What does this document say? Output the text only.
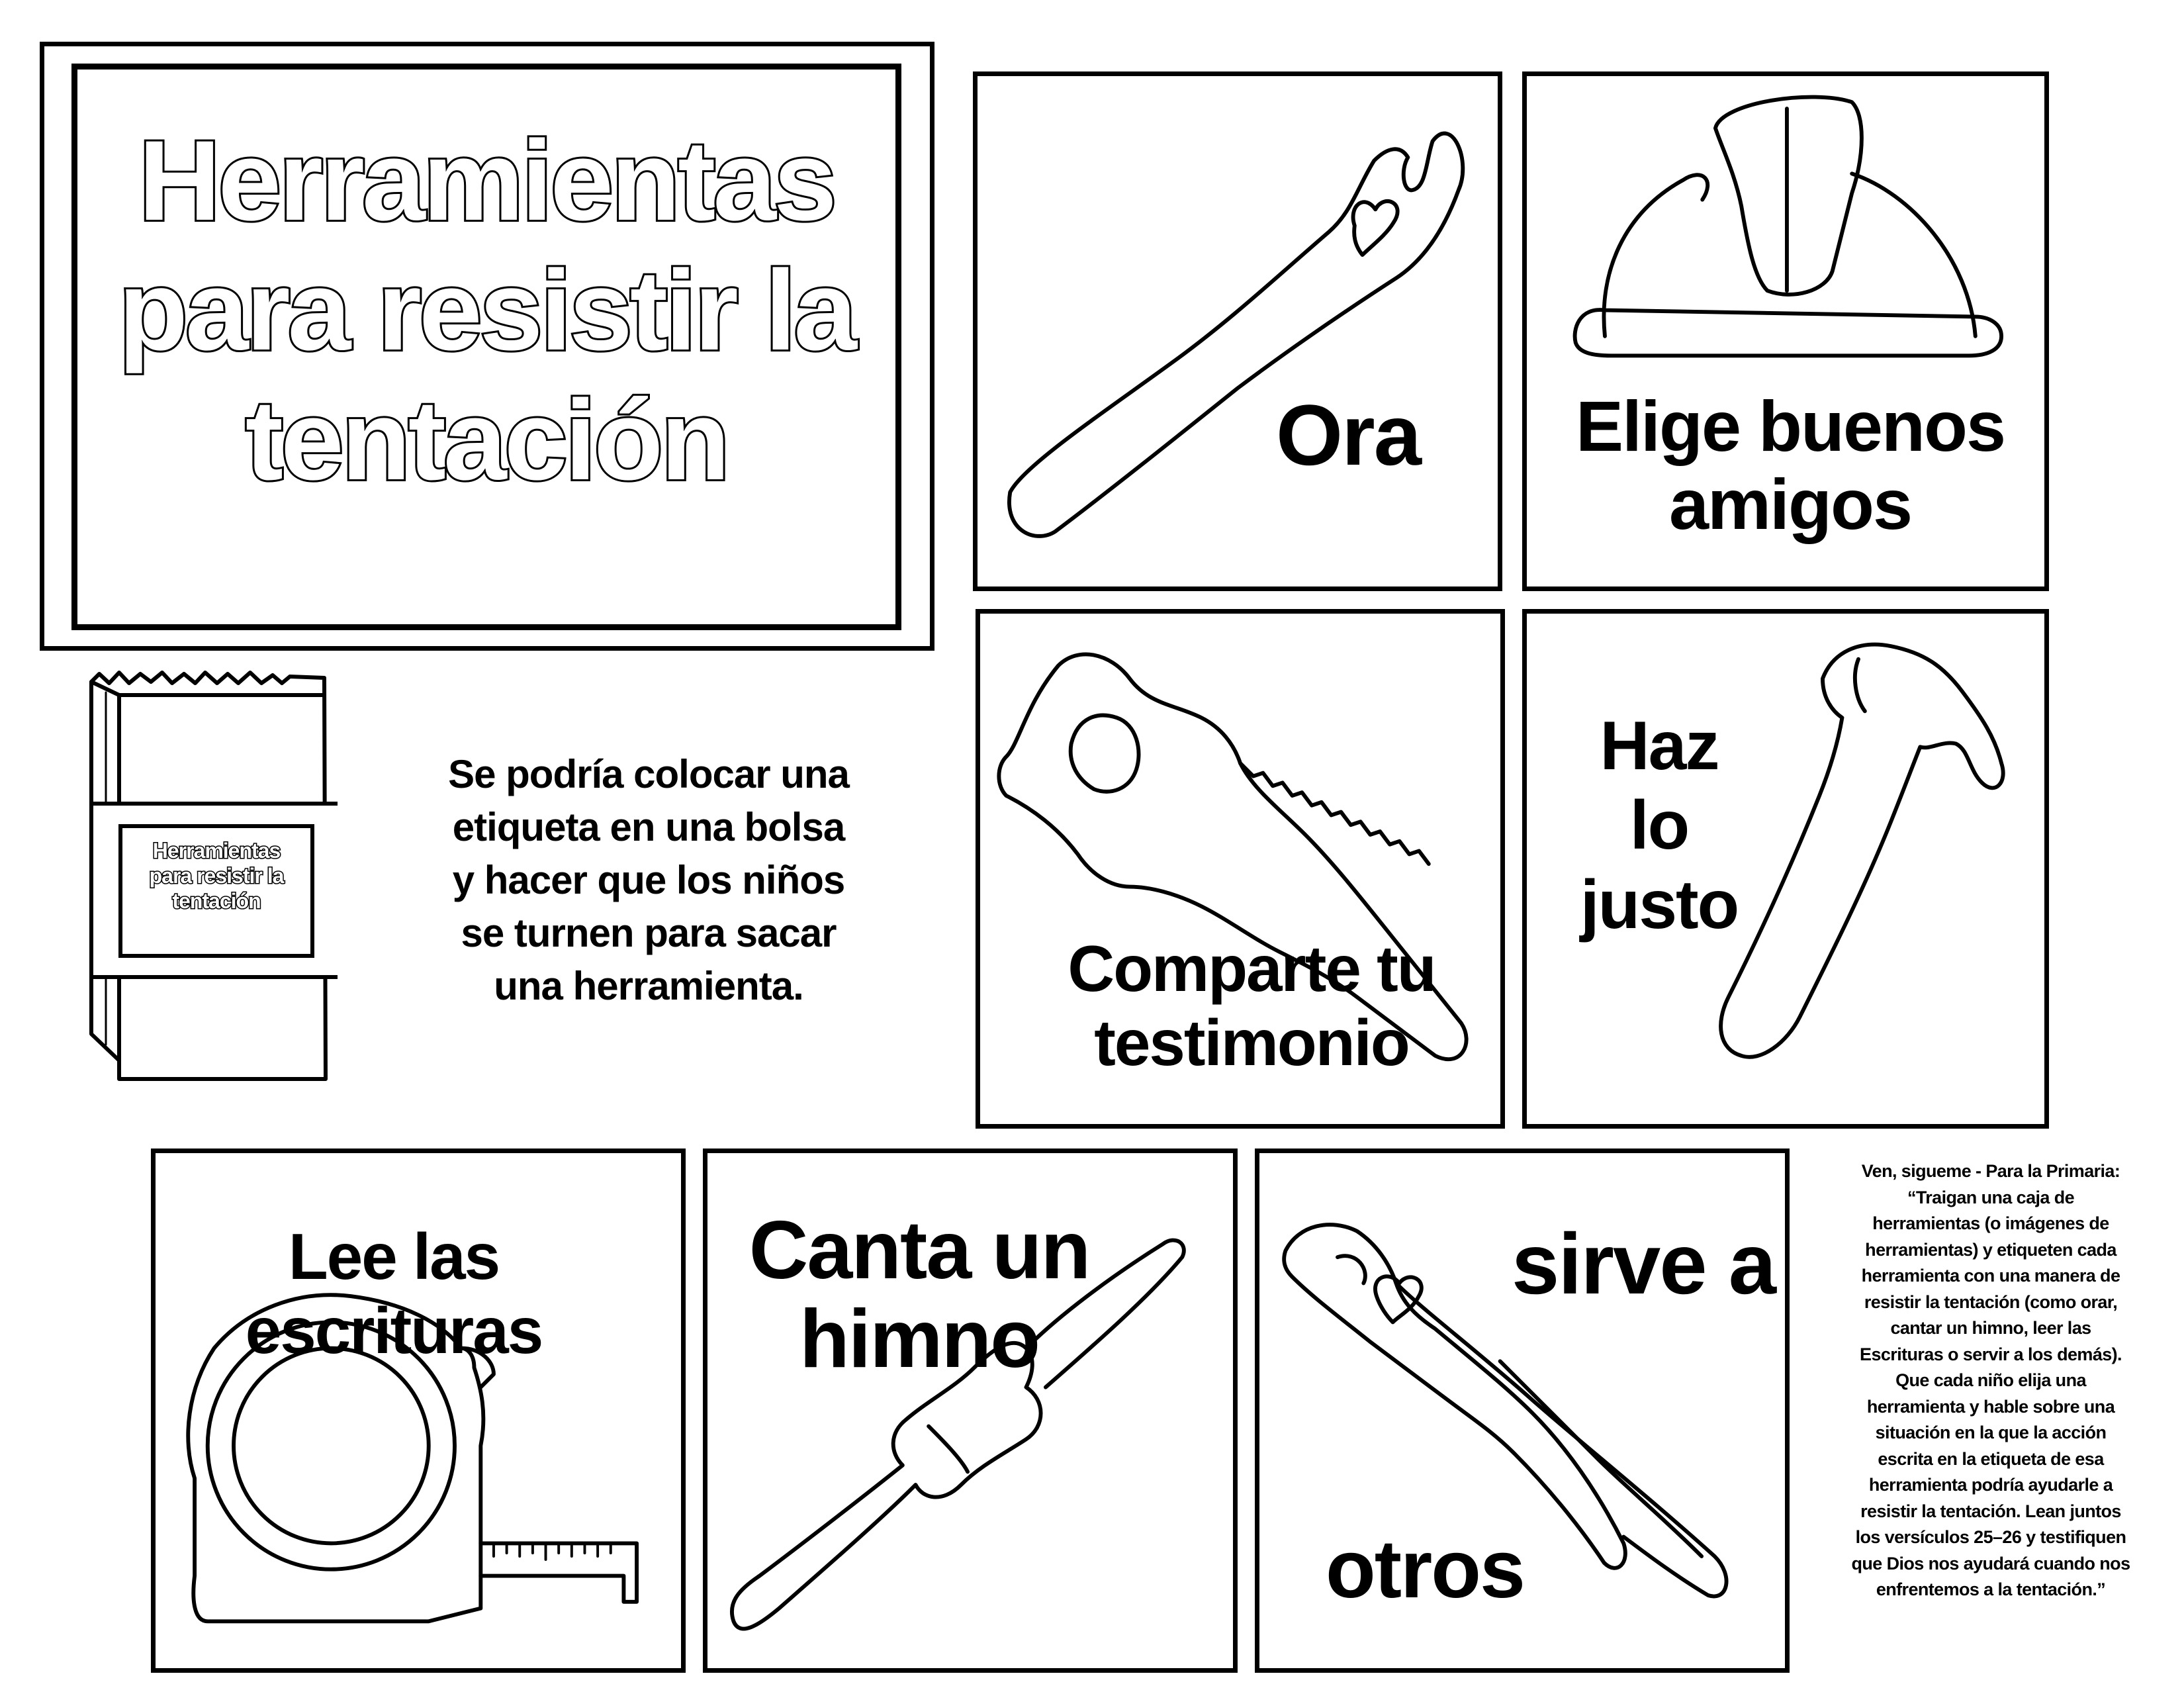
Herramientas
para resistir la
tentación
Herramientas
para resistir la
tentación
Se podría colocar una
etiqueta en una bolsa
y hacer que los niños
se turnen para sacar
una herramienta.
Ora	Elige buenos
amigos
Comparte tu
testimonio
Haz
lo
justo
Lee las
escrituras
Canta un
himno
sirve a
otros
Ven, sigueme - Para la Primaria:
“Traigan una caja de
herramientas (o imágenes de
herramientas) y etiqueten cada
herramienta con una manera de
resistir la tentación (como orar,
cantar un himno, leer las
Escrituras o servir a los demás).
Que cada niño elija una
herramienta y hable sobre una
situación en la que la acción
escrita en la etiqueta de esa
herramienta podría ayudarle a
resistir la tentación. Lean juntos
los versículos 25–26 y testifiquen
que Dios nos ayudará cuando nos
enfrentemos a la tentación.”
